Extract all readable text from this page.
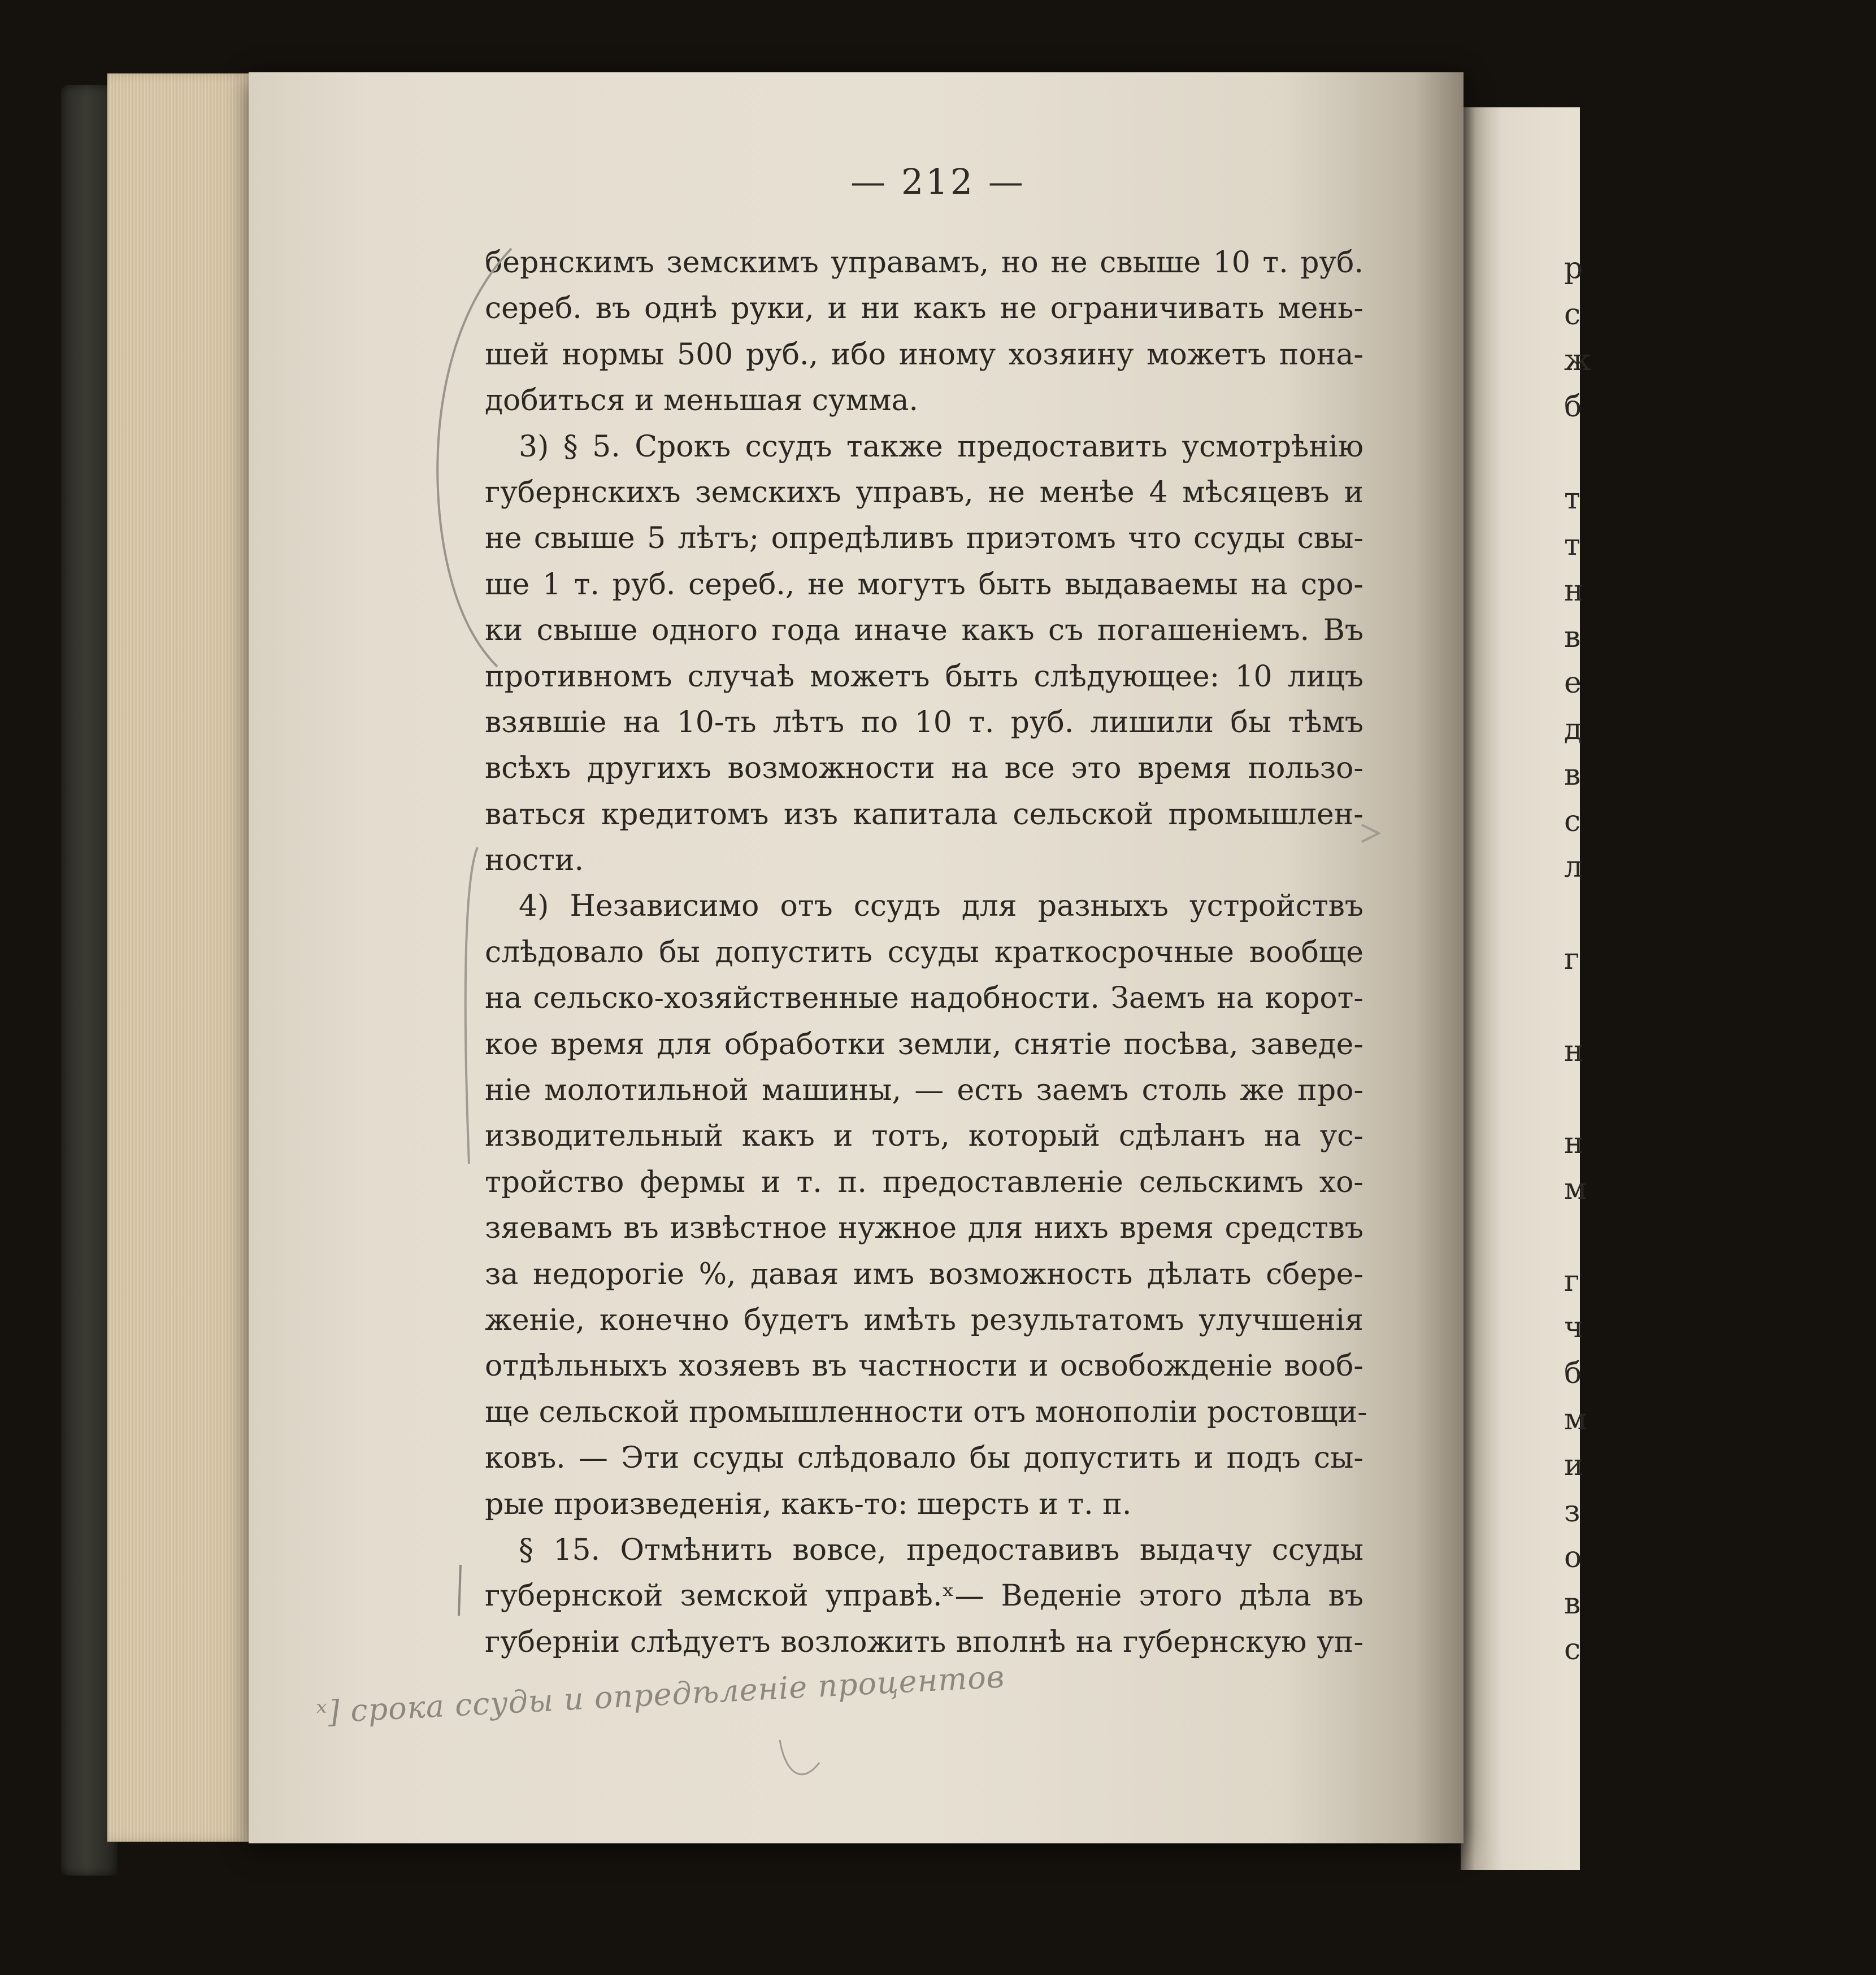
— 212 —
бернскимъ земскимъ управамъ, но не свыше 10 т. руб.
сереб. въ однѣ руки, и ни какъ не ограничивать мень-
шей нормы 500 руб., ибо иному хозяину можетъ пона-
добиться и меньшая сумма.
3) § 5. Срокъ ссудъ также предоставить усмотрѣнію
губернскихъ земскихъ управъ, не менѣе 4 мѣсяцевъ и
не свыше 5 лѣтъ; опредѣливъ приэтомъ что ссуды свы-
ше 1 т. руб. сереб., не могутъ быть выдаваемы на сро-
ки свыше одного года иначе какъ съ погашеніемъ. Въ
противномъ случаѣ можетъ быть слѣдующее: 10 лицъ
взявшіе на 10-ть лѣтъ по 10 т. руб. лишили бы тѣмъ
всѣхъ другихъ возможности на все это время пользо-
ваться кредитомъ изъ капитала сельской промышлен-
ности.
4) Независимо отъ ссудъ для разныхъ устройствъ
слѣдовало бы допустить ссуды краткосрочные вообще
на сельско-хозяйственные надобности. Заемъ на корот-
кое время для обработки земли, снятіе посѣва, заведе-
ніе молотильной машины, — есть заемъ столь же про-
изводительный какъ и тотъ, который сдѣланъ на ус-
тройство фермы и т. п. предоставленіе сельскимъ хо-
зяевамъ въ извѣстное нужное для нихъ время средствъ
за недорогіе %, давая имъ возможность дѣлать сбере-
женіе, конечно будетъ имѣть результатомъ улучшенія
отдѣльныхъ хозяевъ въ частности и освобожденіе вооб-
ще сельской промышленности отъ монополіи ростовщи-
ковъ. — Эти ссуды слѣдовало бы допустить и подъ сы-
рые произведенія, какъ-то: шерсть и т. п.
§ 15. Отмѣнить вовсе, предоставивъ выдачу ссуды
губернской земской управѣ.ˣ— Веденіе этого дѣла въ
губерніи слѣдуетъ возложить вполнѣ на губернскую уп-
р
с
ж
б
т
т
н
в
е
д
в
с
л
г
н
н
м
г
ч
б
м
и
з
о
в
с
ˣ] срока ссуды и опредѣленіе процентов
